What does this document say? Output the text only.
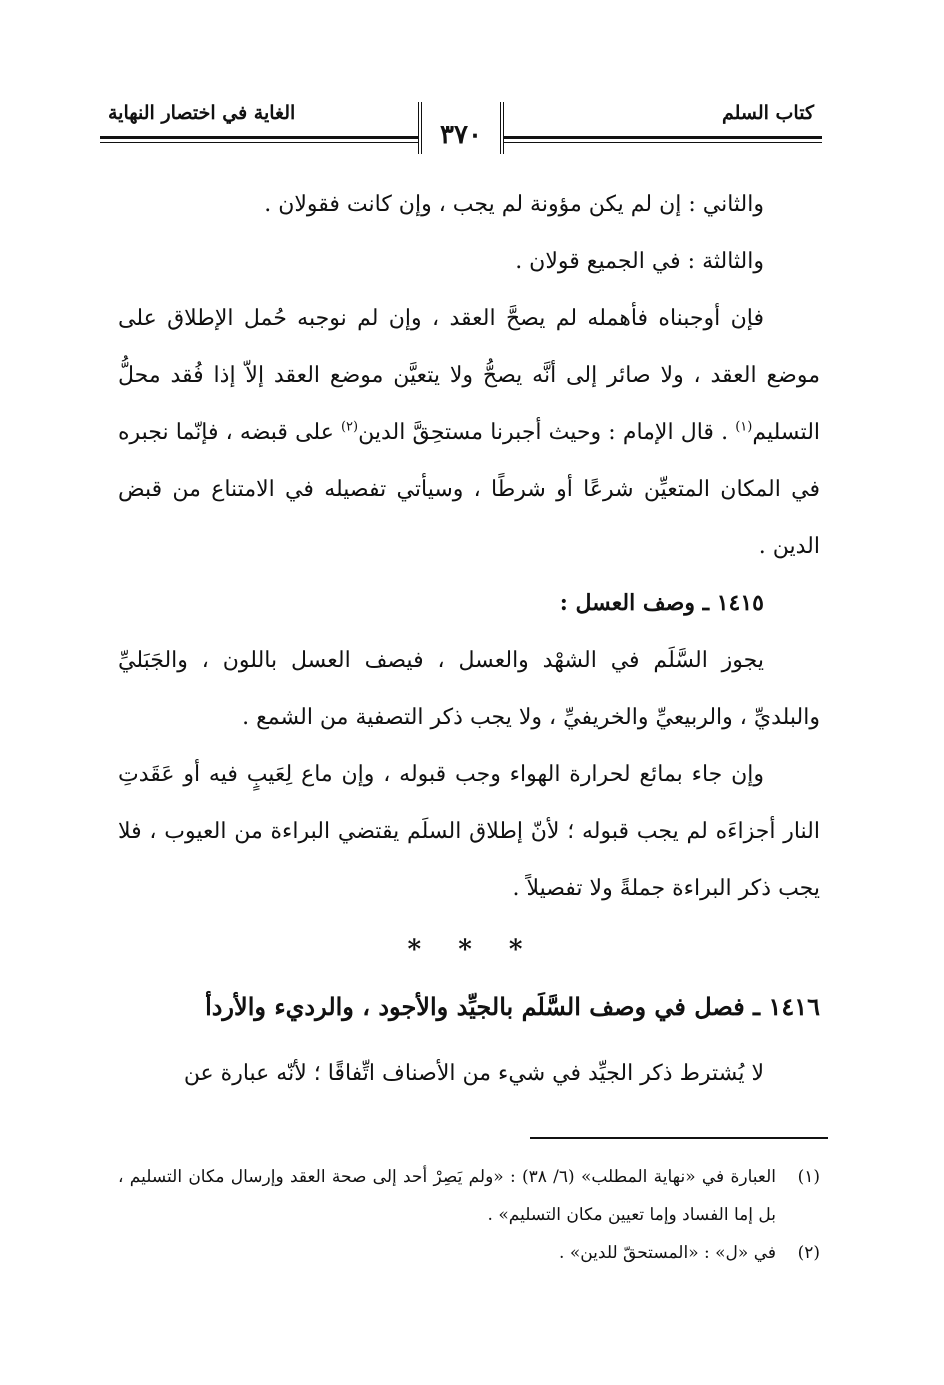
كتاب السلم
الغاية في اختصار النهاية
٣٧٠

والثاني : إن لم يكن مؤونة لم يجب ، وإن كانت فقولان .

والثالثة : في الجميع قولان .

فإن أوجبناه فأهمله لم يصحَّ العقد ، وإن لم نوجبه حُمل الإطلاق على موضع العقد ، ولا صائر إلى أنَّه يصحُّ ولا يتعيَّن موضع العقد إلاّ إذا فُقد محلُّ التسليم$^{(١)}$ . قال الإمام : وحيث أجبرنا مستحِقَّ الدين$^{(٢)}$ على قبضه ، فإنّما نجبره في المكان المتعيِّن شرعًا أو شرطًا ، وسيأتي تفصيله في الامتناع من قبض الدين .

١٤١٥ ـ وصف العسل :

يجوز السَّلَم في الشهْد والعسل ، فيصف العسل باللون ، والجَبَليِّ والبلديِّ ، والربيعيِّ والخريفيِّ ، ولا يجب ذكر التصفية من الشمع .

وإن جاء بمائع لحرارة الهواء وجب قبوله ، وإن ماع لِعَيبٍ فيه أو عَقَدتِ النار أجزاءَه لم يجب قبوله ؛ لأنّ إطلاق السلَم يقتضي البراءة من العيوب ، فلا يجب ذكر البراءة جملةً ولا تفصيلاً .

* * *
١٤١٦ ـ فصل في وصف السَّلَم بالجيِّد والأجود ، والرديء والأردأ
لا يُشترط ذكر الجيِّد في شيء من الأصناف اتِّفاقًا ؛ لأنّه عبارة عن

(١)
العبارة في «نهاية المطلب» (٦/ ٣٨) : «ولم يَصِرْ أحد إلى صحة العقد وإرسال مكان التسليم ، بل إما الفساد وإما تعيين مكان التسليم» .

(٢)
في «ل» : «المستحقّ للدين» .
